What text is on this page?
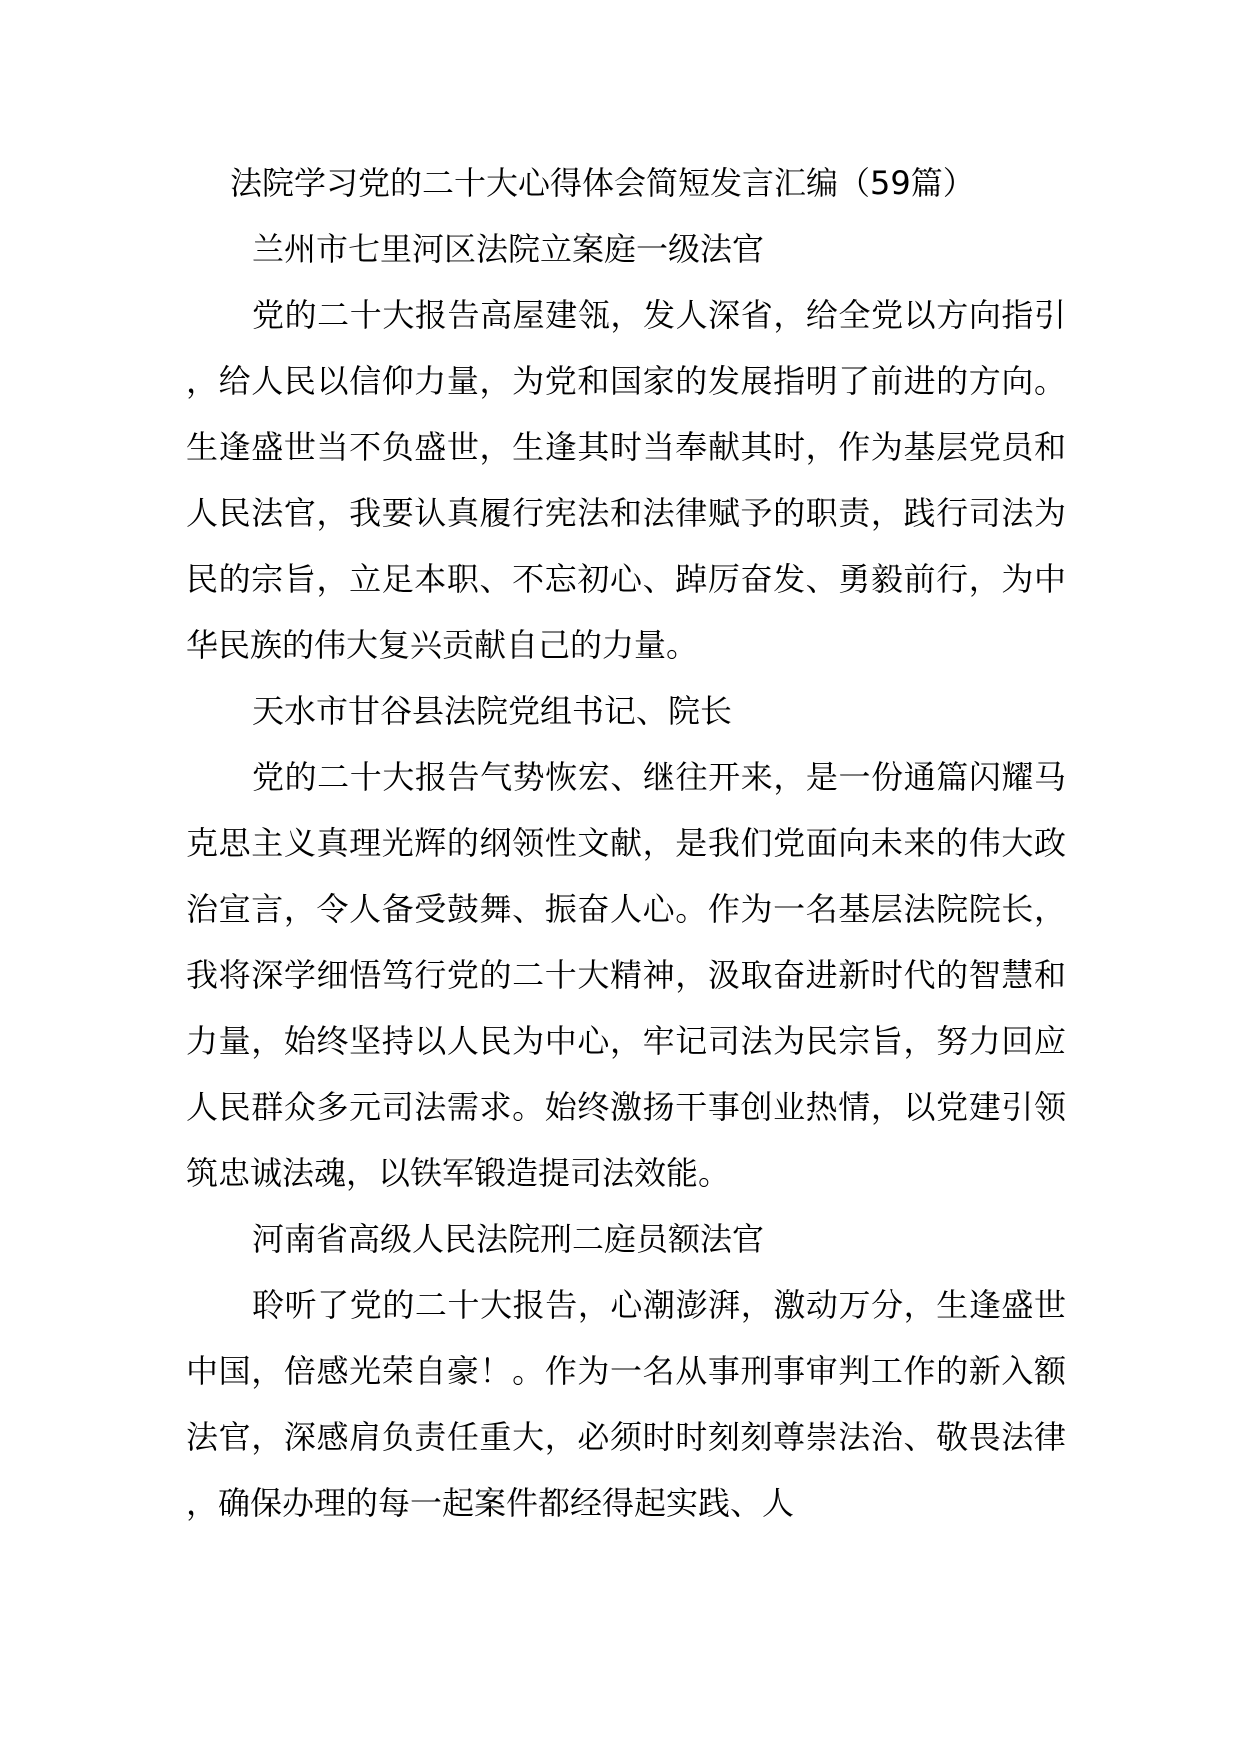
法院学习党的二十大心得体会简短发言汇编（59篇）
兰州市七里河区法院立案庭一级法官

党的二十大报告高屋建瓴，发人深省，给全党以方向指引，给人民以信仰力量，为党和国家的发展指明了前进的方向。生逢盛世当不负盛世，生逢其时当奉献其时，作为基层党员和人民法官，我要认真履行宪法和法律赋予的职责，践行司法为民的宗旨，立足本职、不忘初心、踔厉奋发、勇毅前行，为中华民族的伟大复兴贡献自己的力量。

天水市甘谷县法院党组书记、院长

党的二十大报告气势恢宏、继往开来，是一份通篇闪耀马克思主义真理光辉的纲领性文献，是我们党面向未来的伟大政治宣言，令人备受鼓舞、振奋人心。作为一名基层法院院长，我将深学细悟笃行党的二十大精神，汲取奋进新时代的智慧和力量，始终坚持以人民为中心，牢记司法为民宗旨，努力回应人民群众多元司法需求。始终激扬干事创业热情，以党建引领筑忠诚法魂，以铁军锻造提司法效能。

河南省高级人民法院刑二庭员额法官

聆听了党的二十大报告，心潮澎湃，激动万分，生逢盛世中国，倍感光荣自豪！。作为一名从事刑事审判工作的新入额法官，深感肩负责任重大，必须时时刻刻尊崇法治、敬畏法律，确保办理的每一起案件都经得起实践、人
